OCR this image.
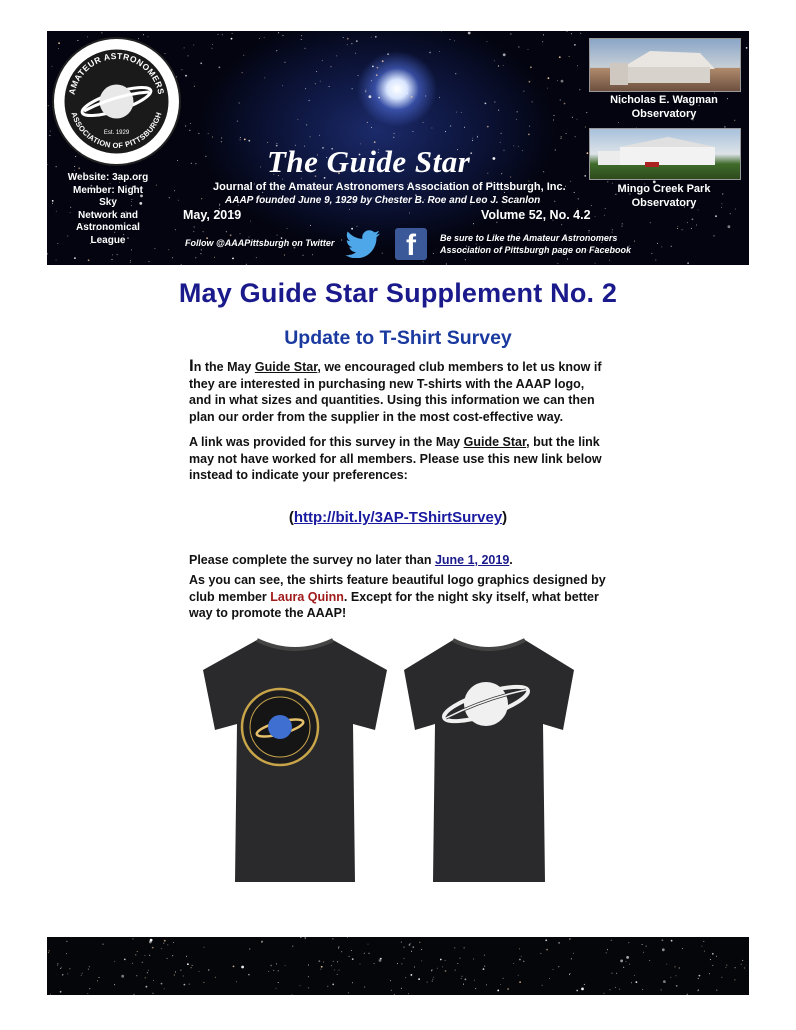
AMATEUR ASTRONOMERS
ASSOCIATION OF PITTSBURGH
Est. 1929
Website: 3ap.org
Member: Night Sky
Network and
Astronomical League
The Guide Star
Journal of the Amateur Astronomers Association of Pittsburgh, Inc.
AAAP founded June 9, 1929 by Chester B. Roe and Leo J. Scanlon
May, 2019	Volume 52, No. 4.2
Follow @AAAPittsburgh on Twitter	f	Be sure to Like the Amateur Astronomers
Association of Pittsburgh page on Facebook
Nicholas E. Wagman
Observatory
Mingo Creek Park
Observatory
May Guide Star Supplement No. 2
Update to T-Shirt Survey
In the May Guide Star, we encouraged club members to let us know if they are interested in purchasing new T-shirts with the AAAP logo, and in what sizes and quantities. Using this information we can then plan our order from the supplier in the most cost-effective way.
A link was provided for this survey in the May Guide Star, but the link may not have worked for all members. Please use this new link below instead to indicate your preferences:
(http://bit.ly/3AP-TShirtSurvey)
Please complete the survey no later than June 1, 2019.
As you can see, the shirts feature beautiful logo graphics designed by club member Laura Quinn. Except for the night sky itself, what better way to promote the AAAP!
